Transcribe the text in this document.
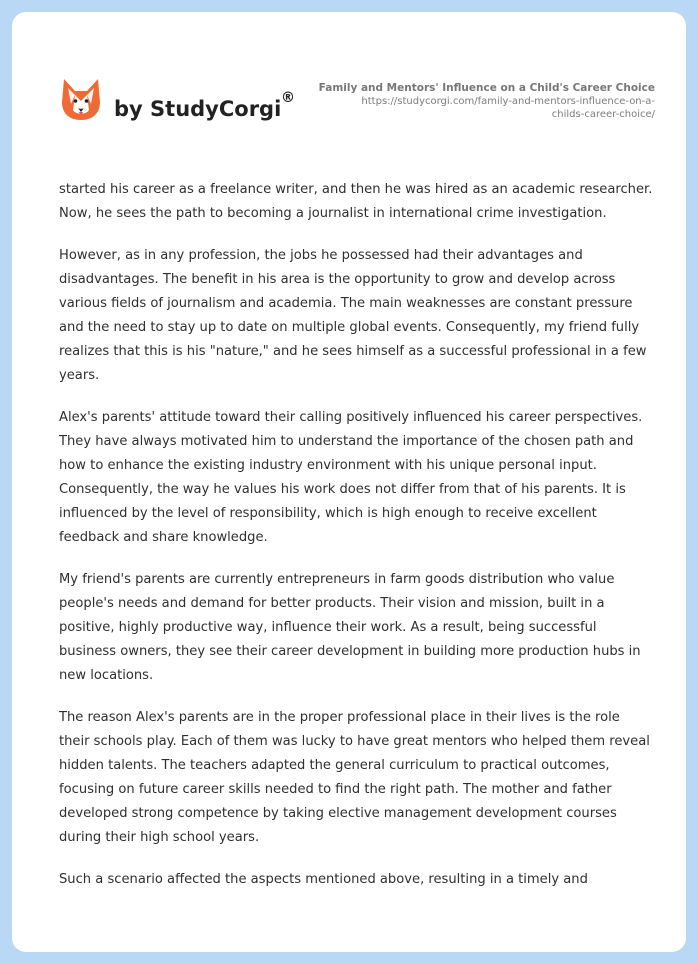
by StudyCorgi ®
Family and Mentors' Influence on a Child's Career Choice
https://studycorgi.com/family-and-mentors-influence-on-a-
childs-career-choice/

started his career as a freelance writer, and then he was hired as an academic researcher. Now, he sees the path to becoming a journalist in international crime investigation.

However, as in any profession, the jobs he possessed had their advantages and disadvantages. The benefit in his area is the opportunity to grow and develop across various fields of journalism and academia. The main weaknesses are constant pressure and the need to stay up to date on multiple global events. Consequently, my friend fully realizes that this is his "nature," and he sees himself as a successful professional in a few years.

Alex's parents' attitude toward their calling positively influenced his career perspectives. They have always motivated him to understand the importance of the chosen path and how to enhance the existing industry environment with his unique personal input. Consequently, the way he values his work does not differ from that of his parents. It is influenced by the level of responsibility, which is high enough to receive excellent feedback and share knowledge.

My friend's parents are currently entrepreneurs in farm goods distribution who value people's needs and demand for better products. Their vision and mission, built in a positive, highly productive way, influence their work. As a result, being successful business owners, they see their career development in building more production hubs in new locations.

The reason Alex's parents are in the proper professional place in their lives is the role their schools play. Each of them was lucky to have great mentors who helped them reveal hidden talents. The teachers adapted the general curriculum to practical outcomes, focusing on future career skills needed to find the right path. The mother and father developed strong competence by taking elective management development courses during their high school years.

Such a scenario affected the aspects mentioned above, resulting in a timely and
